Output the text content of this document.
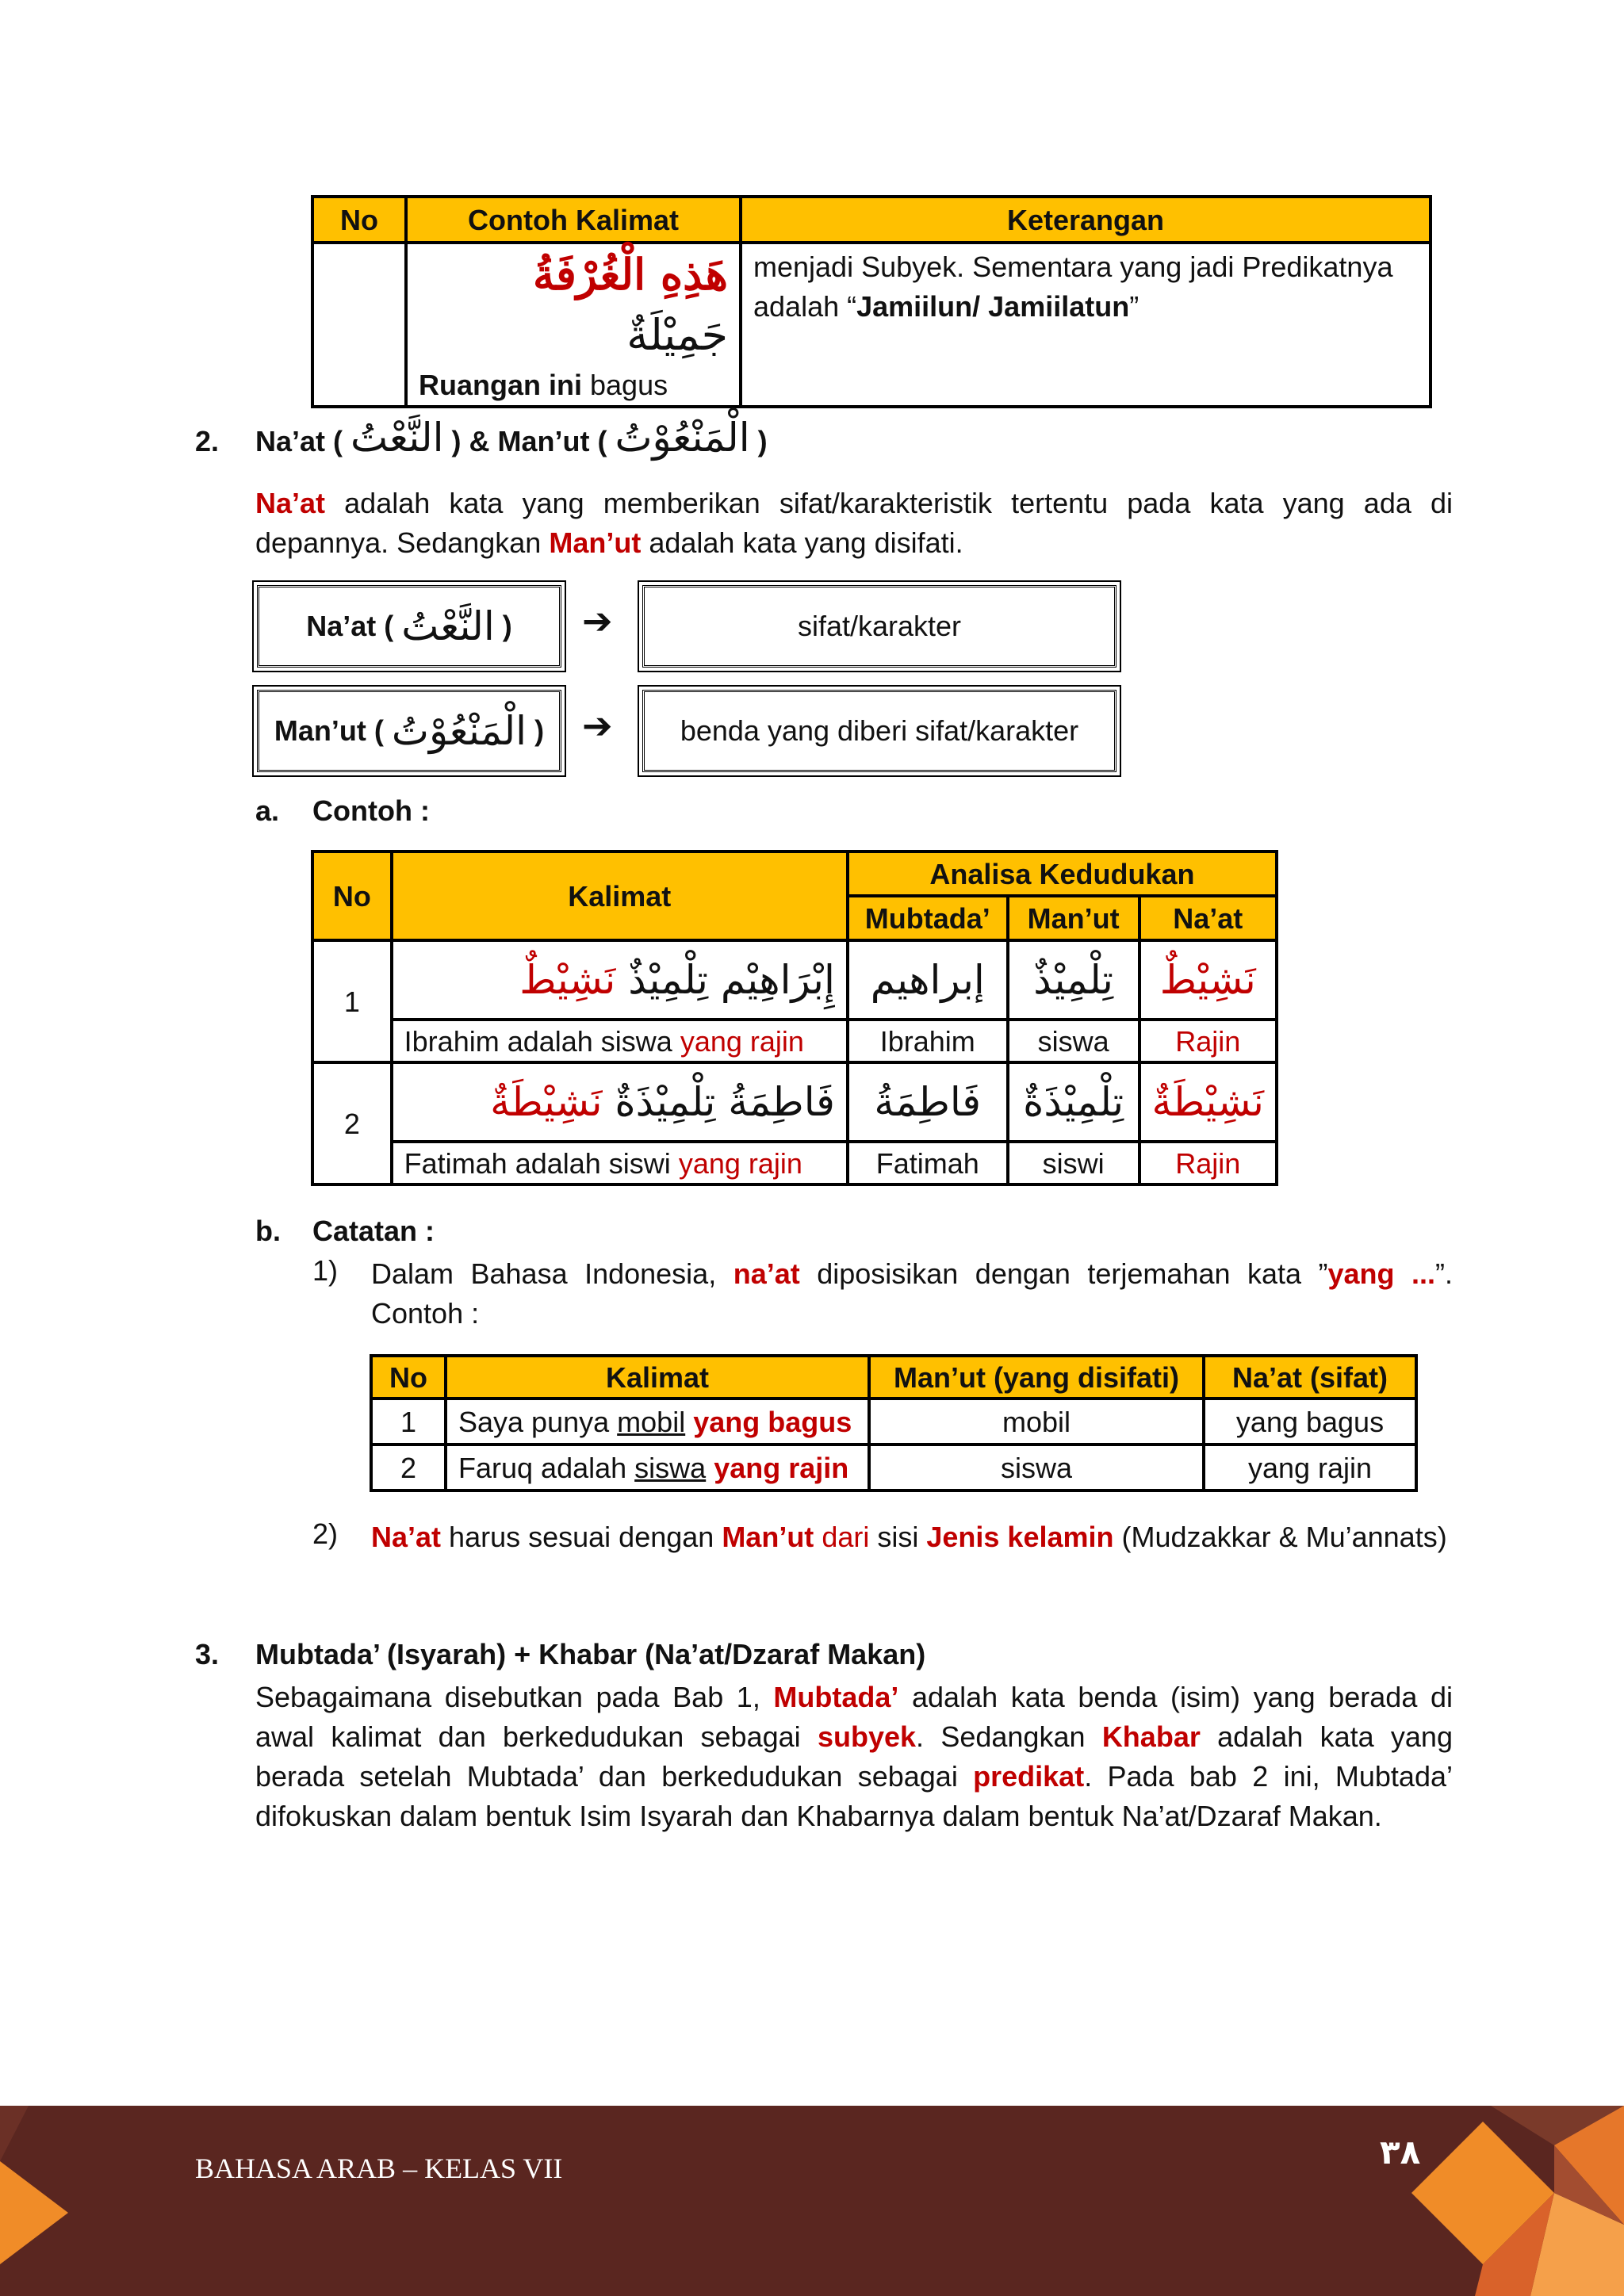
No	Contoh Kalimat	Keterangan

	هَذِهِ الْغُرْفَةُ جَمِيْلَةٌ
Ruangan ini bagus	menjadi Subyek. Sementara yang jadi Predikatnya adalah “Jamiilun/ Jamiilatun”
2. Na’at ( النَّعْتُ ) & Man’ut ( الْمَنْعُوْتُ )
Na’at adalah kata yang memberikan sifat/karakteristik tertentu pada kata yang ada di depannya. Sedangkan Man’ut adalah kata yang disifati.
Na’at (
النَّعْتُ
) ➔	sifat/karakter
Man’ut (
الْمَنْعُوْتُ
) ➔	benda yang diberi sifat/karakter
a. Contoh :
No	Kalimat	Analisa Kedudukan		
		Mubtada’	Man’ut	Na’at
1	إِبْرَاهِيْم تِلْمِيْذٌ نَشِيْطٌ	إبراهيم	تِلْمِيْذٌ	نَشِيْطٌ
	Ibrahim adalah siswa yang rajin	Ibrahim	siswa	Rajin
2	فَاطِمَةُ تِلْمِيْذَةٌ نَشِيْطَةٌ	فَاطِمَةُ	تِلْمِيْذَةٌ	نَشِيْطَةٌ
	Fatimah adalah siswi yang rajin	Fatimah	siswi	Rajin
b. Catatan :
1) Dalam Bahasa Indonesia, na’at diposisikan dengan terjemahan kata ”yang ...”. Contoh :
No	Kalimat	Man’ut (yang disifati)	Na’at (sifat)
1	Saya punya mobil yang bagus	mobil	yang bagus
2	Faruq adalah siswa yang rajin	siswa	yang rajin
2) Na’at harus sesuai dengan Man’ut dari sisi Jenis kelamin (Mudzakkar & Mu’annats)
3. Mubtada’ (Isyarah) + Khabar (Na’at/Dzaraf Makan)
Sebagaimana disebutkan pada Bab 1, Mubtada’ adalah kata benda (isim) yang berada di awal kalimat dan berkedudukan sebagai subyek. Sedangkan Khabar adalah kata yang berada setelah Mubtada’ dan berkedudukan sebagai predikat. Pada bab 2 ini, Mubtada’ difokuskan dalam bentuk Isim Isyarah dan Khabarnya dalam bentuk Na’at/Dzaraf Makan.
BAHASA ARAB – KELAS VII	٣٨
